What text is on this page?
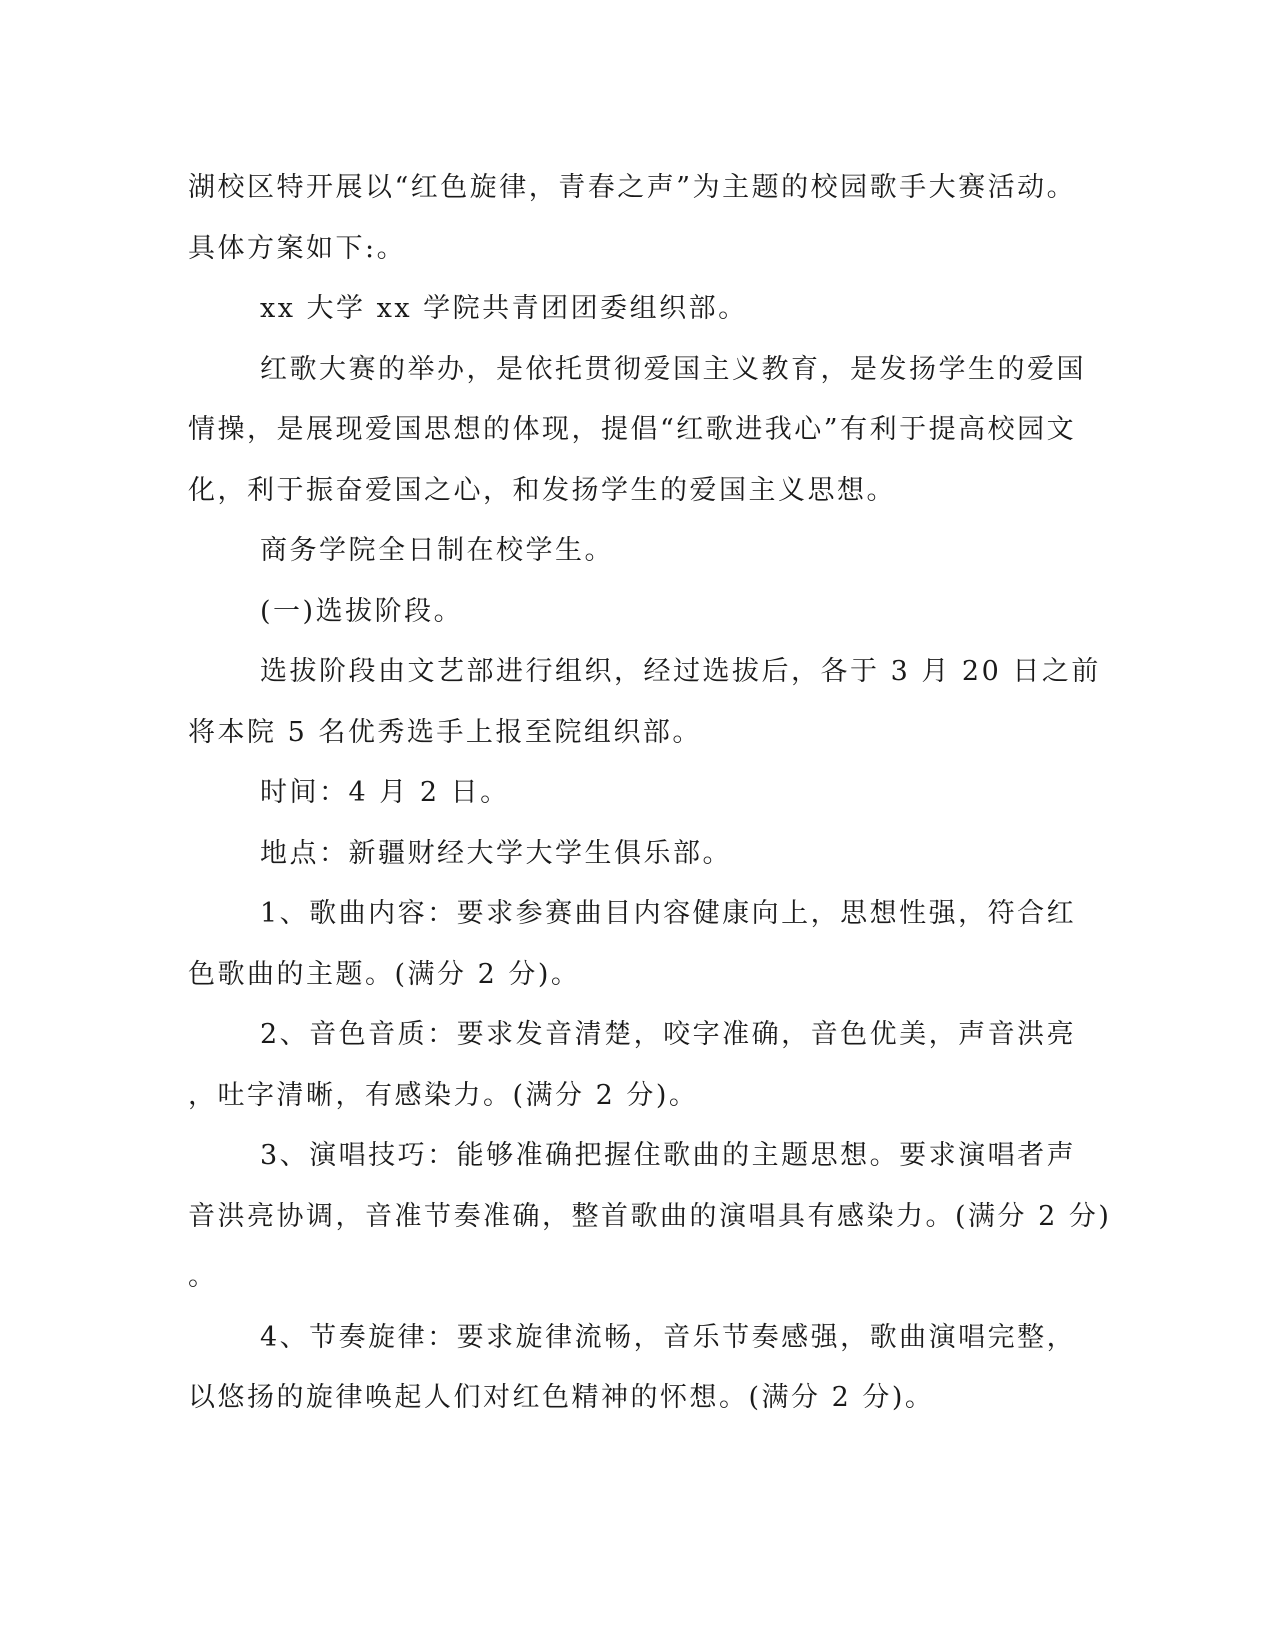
湖校区特开展以“红色旋律，青春之声”为主题的校园歌手大赛活动。

具体方案如下:。

xx 大学 xx 学院共青团团委组织部。

红歌大赛的举办，是依托贯彻爱国主义教育，是发扬学生的爱国

情操，是展现爱国思想的体现，提倡“红歌进我心”有利于提高校园文

化，利于振奋爱国之心，和发扬学生的爱国主义思想。

商务学院全日制在校学生。

(一)选拔阶段。

选拔阶段由文艺部进行组织，经过选拔后，各于 3 月 20 日之前

将本院 5 名优秀选手上报至院组织部。

时间：4 月 2 日。

地点：新疆财经大学大学生俱乐部。

1、歌曲内容：要求参赛曲目内容健康向上，思想性强，符合红

色歌曲的主题。(满分 2 分)。

2、音色音质：要求发音清楚，咬字准确，音色优美，声音洪亮

，吐字清晰，有感染力。(满分 2 分)。

3、演唱技巧：能够准确把握住歌曲的主题思想。要求演唱者声

音洪亮协调，音准节奏准确，整首歌曲的演唱具有感染力。(满分 2 分)

。

4、节奏旋律：要求旋律流畅，音乐节奏感强，歌曲演唱完整，

以悠扬的旋律唤起人们对红色精神的怀想。(满分 2 分)。
